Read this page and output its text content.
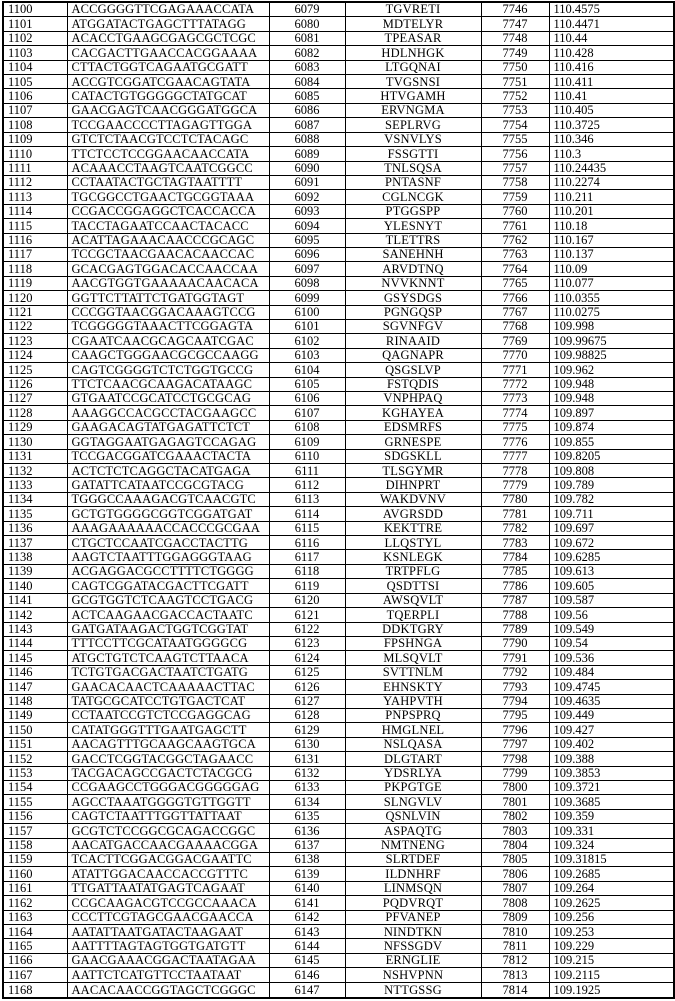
1100	ACCGGGGTTCGAGAAACCATA	6079	TGVRETI	7746	110.4575
1101	ATGGATACTGAGCTTTATAGG	6080	MDTELYR	7747	110.4471
1102	ACACCTGAAGCGAGCGCTCGC	6081	TPEASAR	7748	110.44
1103	CACGACTTGAACCACGGAAAA	6082	HDLNHGK	7749	110.428
1104	CTTACTGGTCAGAATGCGATT	6083	LTGQNAI	7750	110.416
1105	ACCGTCGGATCGAACAGTATA	6084	TVGSNSI	7751	110.411
1106	CATACTGTGGGGGCTATGCAT	6085	HTVGAMH	7752	110.41
1107	GAACGAGTCAACGGGATGGCA	6086	ERVNGMA	7753	110.405
1108	TCCGAACCCCTTAGAGTTGGA	6087	SEPLRVG	7754	110.3725
1109	GTCTCTAACGTCCTCTACAGC	6088	VSNVLYS	7755	110.346
1110	TTCTCCTCCGGAACAACCATA	6089	FSSGTTI	7756	110.3
1111	ACAAACCTAAGTCAATCGGCC	6090	TNLSQSA	7757	110.24435
1112	CCTAATACTGCTAGTAATTTT	6091	PNTASNF	7758	110.2274
1113	TGCGGCCTGAACTGCGGTAAA	6092	CGLNCGK	7759	110.211
1114	CCGACCGGAGGCTCACCACCA	6093	PTGGSPP	7760	110.201
1115	TACCTAGAATCCAACTACACC	6094	YLESNYT	7761	110.18
1116	ACATTAGAAACAACCCGCAGC	6095	TLETTRS	7762	110.167
1117	TCCGCTAACGAACACAACCAC	6096	SANEHNH	7763	110.137
1118	GCACGAGTGGACACCAACCAA	6097	ARVDTNQ	7764	110.09
1119	AACGTGGTGAAAAACAACACA	6098	NVVKNNT	7765	110.077
1120	GGTTCTTATTCTGATGGTAGT	6099	GSYSDGS	7766	110.0355
1121	CCCGGTAACGGACAAAGTCCG	6100	PGNGQSP	7767	110.0275
1122	TCGGGGGTAAACTTCGGAGTA	6101	SGVNFGV	7768	109.998
1123	CGAATCAACGCAGCAATCGAC	6102	RINAAID	7769	109.99675
1124	CAAGCTGGGAACGCGCCAAGG	6103	QAGNAPR	7770	109.98825
1125	CAGTCGGGGTCTCTGGTGCCG	6104	QSGSLVP	7771	109.962
1126	TTCTCAACGCAAGACATAAGC	6105	FSTQDIS	7772	109.948
1127	GTGAATCCGCATCCTGCGCAG	6106	VNPHPAQ	7773	109.948
1128	AAAGGCCACGCCTACGAAGCC	6107	KGHAYEA	7774	109.897
1129	GAAGACAGTATGAGATTCTCT	6108	EDSMRFS	7775	109.874
1130	GGTAGGAATGAGAGTCCAGAG	6109	GRNESPE	7776	109.855
1131	TCCGACGGATCGAAACTACTA	6110	SDGSKLL	7777	109.8205
1132	ACTCTCTCAGGCTACATGAGA	6111	TLSGYMR	7778	109.808
1133	GATATTCATAATCCGCGTACG	6112	DIHNPRT	7779	109.789
1134	TGGGCCAAAGACGTCAACGTC	6113	WAKDVNV	7780	109.782
1135	GCTGTGGGGCGGTCGGATGAT	6114	AVGRSDD	7781	109.711
1136	AAAGAAAAAACCACCCGCGAA	6115	KEKTTRE	7782	109.697
1137	CTGCTCCAATCGACCTACTTG	6116	LLQSTYL	7783	109.672
1138	AAGTCTAATTTGGAGGGTAAG	6117	KSNLEGK	7784	109.6285
1139	ACGAGGACGCCTTTTCTGGGG	6118	TRTPFLG	7785	109.613
1140	CAGTCGGATACGACTTCGATT	6119	QSDTTSI	7786	109.605
1141	GCGTGGTCTCAAGTCCTGACG	6120	AWSQVLT	7787	109.587
1142	ACTCAAGAACGACCACTAATC	6121	TQERPLI	7788	109.56
1143	GATGATAAGACTGGTCGGTAT	6122	DDKTGRY	7789	109.549
1144	TTTCCTTCGCATAATGGGGCG	6123	FPSHNGA	7790	109.54
1145	ATGCTGTCTCAAGTCTTAACA	6124	MLSQVLT	7791	109.536
1146	TCTGTGACGACTAATCTGATG	6125	SVTTNLM	7792	109.484
1147	GAACACAACTCAAAAACTTAC	6126	EHNSKTY	7793	109.4745
1148	TATGCGCATCCTGTGACTCAT	6127	YAHPVTH	7794	109.4635
1149	CCTAATCCGTCTCCGAGGCAG	6128	PNPSPRQ	7795	109.449
1150	CATATGGGTTTGAATGAGCTT	6129	HMGLNEL	7796	109.427
1151	AACAGTTTGCAAGCAAGTGCA	6130	NSLQASA	7797	109.402
1152	GACCTCGGTACGGCTAGAACC	6131	DLGTART	7798	109.388
1153	TACGACAGCCGACTCTACGCG	6132	YDSRLYA	7799	109.3853
1154	CCGAAGCCTGGGACGGGGGAG	6133	PKPGTGE	7800	109.3721
1155	AGCCTAAATGGGGTGTTGGTT	6134	SLNGVLV	7801	109.3685
1156	CAGTCTAATTTGGTTATTAAT	6135	QSNLVIN	7802	109.359
1157	GCGTCTCCGGCGCAGACCGGC	6136	ASPAQTG	7803	109.331
1158	AACATGACCAACGAAAACGGA	6137	NMTNENG	7804	109.324
1159	TCACTTCGGACGGACGAATTC	6138	SLRTDEF	7805	109.31815
1160	ATATTGGACAACCACCGTTTC	6139	ILDNHRF	7806	109.2685
1161	TTGATTAATATGAGTCAGAAT	6140	LINMSQN	7807	109.264
1162	CCGCAAGACGTCCGCCAAACA	6141	PQDVRQT	7808	109.2625
1163	CCCTTCGTAGCGAACGAACCA	6142	PFVANEP	7809	109.256
1164	AATATTAATGATACTAAGAAT	6143	NINDTKN	7810	109.253
1165	AATTTTAGTAGTGGTGATGTT	6144	NFSSGDV	7811	109.229
1166	GAACGAAACGGACTAATAGAA	6145	ERNGLIE	7812	109.215
1167	AATTCTCATGTTCCTAATAAT	6146	NSHVPNN	7813	109.2115
1168	AACACAACCGGTAGCTCGGGC	6147	NTTGSSG	7814	109.1925
